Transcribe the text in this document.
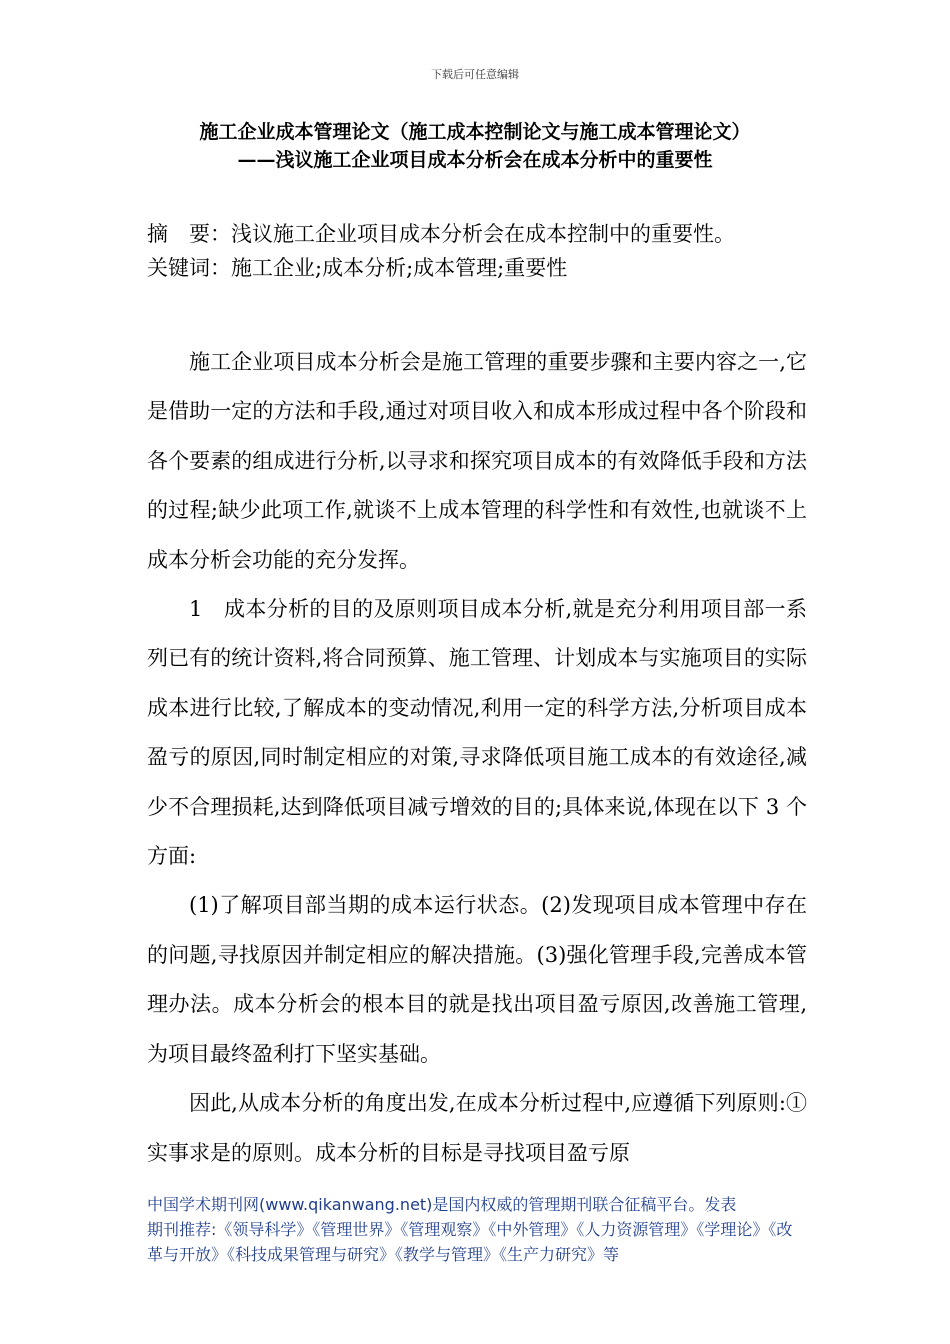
下载后可任意编辑
施工企业成本管理论文（施工成本控制论文与施工成本管理论文）
——浅议施工企业项目成本分析会在成本分析中的重要性
摘　要：浅议施工企业项目成本分析会在成本控制中的重要性。
关键词：施工企业;成本分析;成本管理;重要性

施工企业项目成本分析会是施工管理的重要步骤和主要内容之一,它是借助一定的方法和手段,通过对项目收入和成本形成过程中各个阶段和各个要素的组成进行分析,以寻求和探究项目成本的有效降低手段和方法的过程;缺少此项工作,就谈不上成本管理的科学性和有效性,也就谈不上成本分析会功能的充分发挥。

1　成本分析的目的及原则项目成本分析,就是充分利用项目部一系列已有的统计资料,将合同预算、施工管理、计划成本与实施项目的实际成本进行比较,了解成本的变动情况,利用一定的科学方法,分析项目成本盈亏的原因,同时制定相应的对策,寻求降低项目施工成本的有效途径,减少不合理损耗,达到降低项目减亏增效的目的;具体来说,体现在以下 3 个方面:

(1)了解项目部当期的成本运行状态。(2)发现项目成本管理中存在的问题,寻找原因并制定相应的解决措施。(3)强化管理手段,完善成本管理办法。成本分析会的根本目的就是找出项目盈亏原因,改善施工管理,为项目最终盈利打下坚实基础。

因此,从成本分析的角度出发,在成本分析过程中,应遵循下列原则:① 实事求是的原则。成本分析的目标是寻找项目盈亏原

中国学术期刊网(www.qikanwang.net)是国内权威的管理期刊联合征稿平台。发表
期刊推荐:《领导科学》《管理世界》《管理观察》《中外管理》《人力资源管理》《学理论》《改
革与开放》《科技成果管理与研究》《教学与管理》《生产力研究》等
